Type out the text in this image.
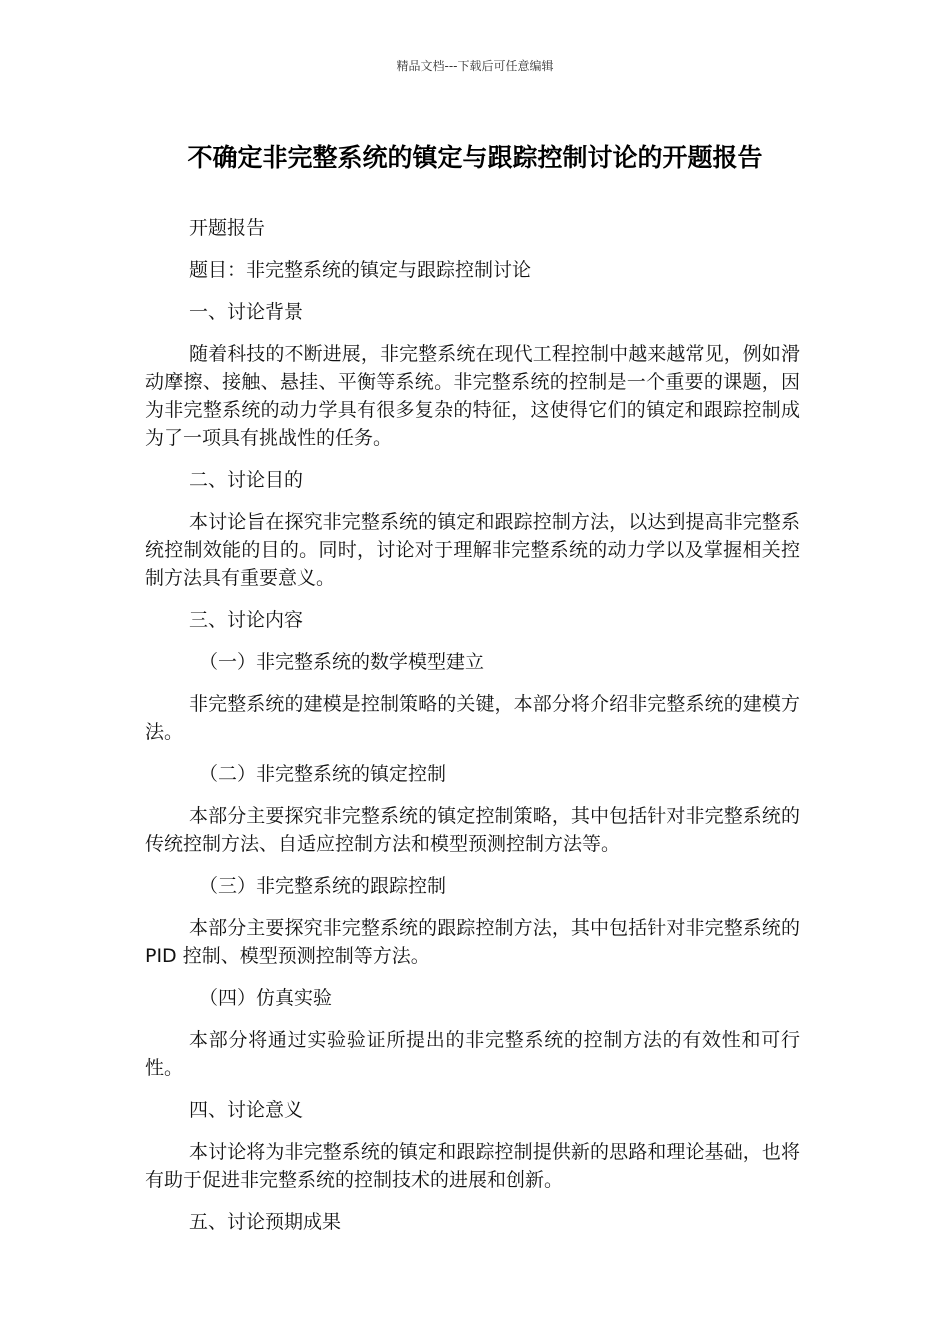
精品文档---下载后可任意编辑
不确定非完整系统的镇定与跟踪控制讨论的开题报告

开题报告

题目：非完整系统的镇定与跟踪控制讨论

一、讨论背景

随着科技的不断进展，非完整系统在现代工程控制中越来越常见，例如滑动摩擦、接触、悬挂、平衡等系统。非完整系统的控制是一个重要的课题，因为非完整系统的动力学具有很多复杂的特征，这使得它们的镇定和跟踪控制成为了一项具有挑战性的任务。

二、讨论目的

本讨论旨在探究非完整系统的镇定和跟踪控制方法，以达到提高非完整系统控制效能的目的。同时，讨论对于理解非完整系统的动力学以及掌握相关控制方法具有重要意义。

三、讨论内容

（一）非完整系统的数学模型建立

非完整系统的建模是控制策略的关键，本部分将介绍非完整系统的建模方法。

（二）非完整系统的镇定控制

本部分主要探究非完整系统的镇定控制策略，其中包括针对非完整系统的传统控制方法、自适应控制方法和模型预测控制方法等。

（三）非完整系统的跟踪控制

本部分主要探究非完整系统的跟踪控制方法，其中包括针对非完整系统的 PID 控制、模型预测控制等方法。

（四）仿真实验

本部分将通过实验验证所提出的非完整系统的控制方法的有效性和可行性。

四、讨论意义

本讨论将为非完整系统的镇定和跟踪控制提供新的思路和理论基础，也将有助于促进非完整系统的控制技术的进展和创新。

五、讨论预期成果
